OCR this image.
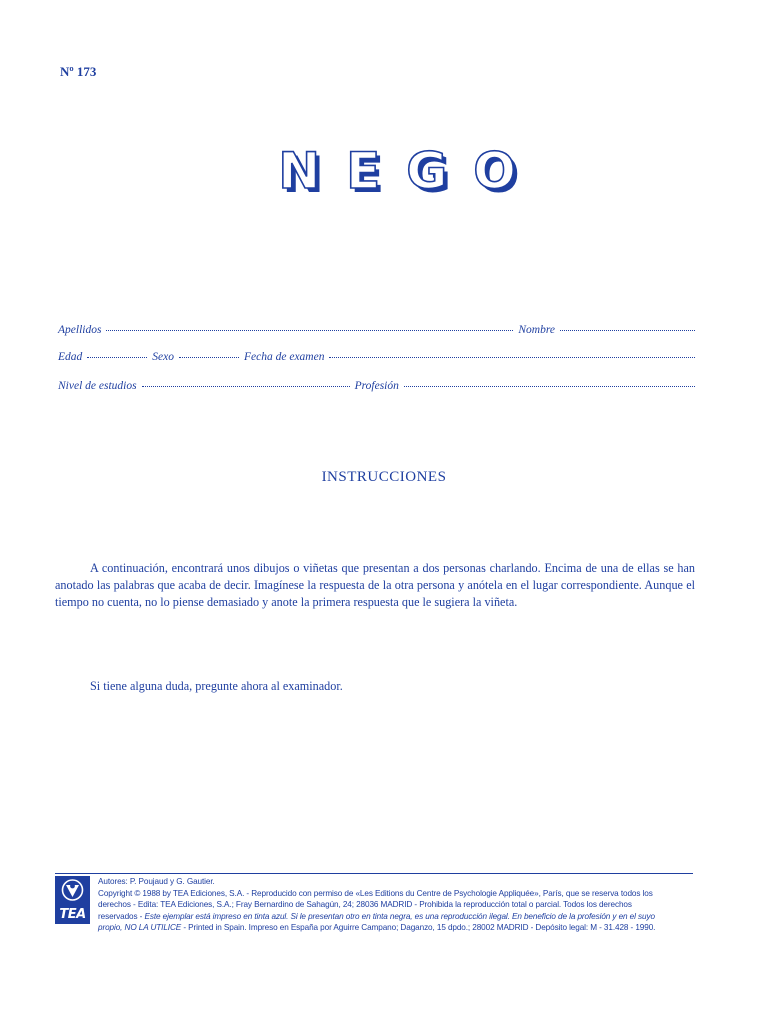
Nº 173
NEGO
Apellidos	Nombre
Edad	Sexo	Fecha de examen
Nivel de estudios	Profesión
INSTRUCCIONES
A continuación, encontrará unos dibujos o viñetas que presentan a dos personas charlando. Encima de una de ellas se han anotado las palabras que acaba de decir. Imagínese la respuesta de la otra persona y anótela en el lugar correspondiente. Aunque el tiempo no cuenta, no lo piense demasiado y anote la primera respuesta que le sugiera la viñeta.
Si tiene alguna duda, pregunte ahora al examinador.
TEA
Autores: P. Poujaud y G. Gautier.
Copyright © 1988 by TEA Ediciones, S.A. - Reproducido con permiso de «Les Editions du Centre de Psychologie Appliquée», París, que se reserva todos los
derechos - Edita: TEA Ediciones, S.A.; Fray Bernardino de Sahagún, 24; 28036 MADRID - Prohibida la reproducción total o parcial. Todos los derechos
reservados - Este ejemplar está impreso en tinta azul. Si le presentan otro en tinta negra, es una reproducción ilegal. En beneficio de la profesión y en el suyo
propio, NO LA UTILICE - Printed in Spain. Impreso en España por Aguirre Campano; Daganzo, 15 dpdo.; 28002 MADRID - Depósito legal: M - 31.428 - 1990.
